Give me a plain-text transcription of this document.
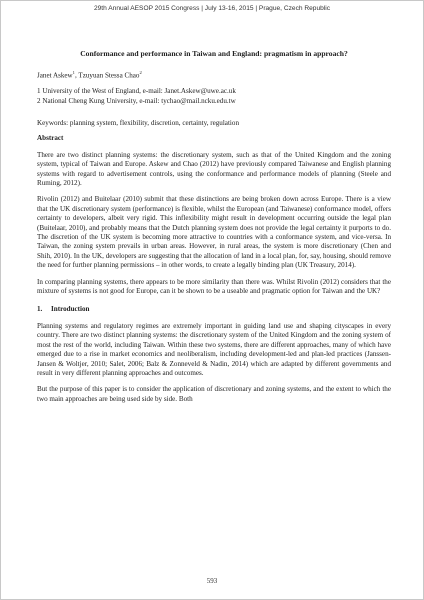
29th Annual AESOP 2015 Congress | July 13-16, 2015 | Prague, Czech Republic

Conformance and performance in Taiwan and England: pragmatism in approach?

Janet Askew$^1$, Tzuyuan Stessa Chao$^2$

1 University of the West of England, e-mail: Janet.Askew@uwe.ac.uk

2 National Cheng Kung University, e-mail: tychao@mail.ncku.edu.tw

Keywords: planning system, flexibility, discretion, certainty, regulation

Abstract

There are two distinct planning systems: the discretionary system, such as that of the United Kingdom and the zoning system, typical of Taiwan and Europe. Askew and Chao (2012) have previously compared Taiwanese and English planning systems with regard to advertisement controls, using the conformance and performance models of planning (Steele and Ruming, 2012).

Rivolin (2012) and Buitelaar (2010) submit that these distinctions are being broken down across Europe. There is a view that the UK discretionary system (performance) is flexible, whilst the European (and Taiwanese) conformance model, offers certainty to developers, albeit very rigid. This inflexibility might result in development occurring outside the legal plan (Buitelaar, 2010), and probably means that the Dutch planning system does not provide the legal certainty it purports to do. The discretion of the UK system is becoming more attractive to countries with a conformance system, and vice-versa. In Taiwan, the zoning system prevails in urban areas. However, in rural areas, the system is more discretionary (Chen and Shih, 2010). In the UK, developers are suggesting that the allocation of land in a local plan, for, say, housing, should remove the need for further planning permissions – in other words, to create a legally binding plan (UK Treasury, 2014).

In comparing planning systems, there appears to be more similarity than there was. Whilst Rivolin (2012) considers that the mixture of systems is not good for Europe, can it be shown to be a useable and pragmatic option for Taiwan and the UK?

1. Introduction

Planning systems and regulatory regimes are extremely important in guiding land use and shaping cityscapes in every country. There are two distinct planning systems: the discretionary system of the United Kingdom and the zoning system of most the rest of the world, including Taiwan. Within these two systems, there are different approaches, many of which have emerged due to a rise in market economics and neoliberalism, including development-led and plan-led practices (Janssen-Jansen & Woltjer, 2010; Salet, 2006; Balz & Zonneveld & Nadin, 2014) which are adapted by different governments and result in very different planning approaches and outcomes.

But the purpose of this paper is to consider the application of discretionary and zoning systems, and the extent to which the two main approaches are being used side by side. Both

593
